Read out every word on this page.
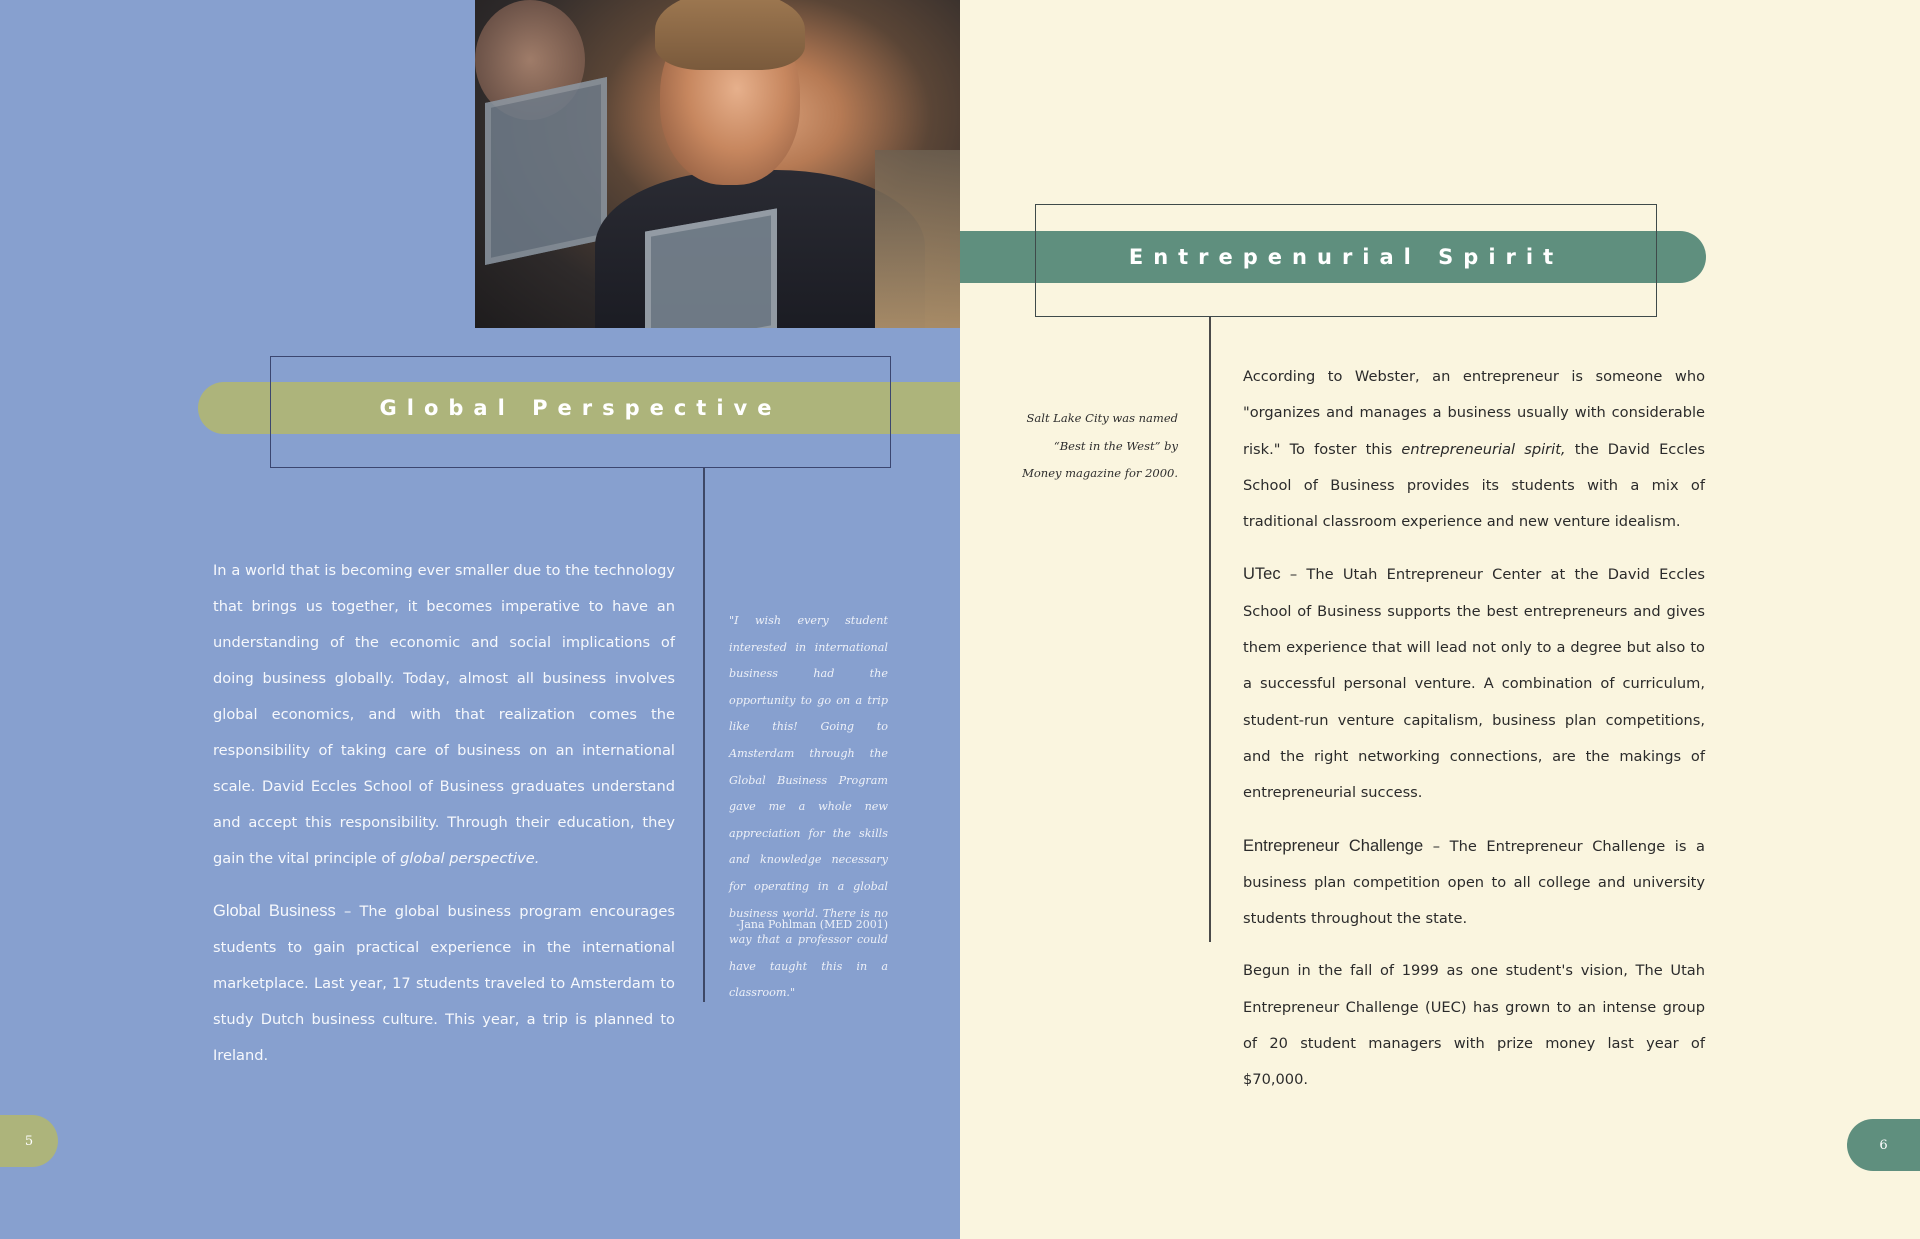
Global Perspective
Entrepenurial Spirit

In a world that is becoming ever smaller due to the technology that brings us together, it becomes imperative to have an understanding of the economic and social implications of doing business globally. Today, almost all business involves global economics, and with that realization comes the responsibility of taking care of business on an international scale. David Eccles School of Business graduates understand and accept this responsibility. Through their education, they gain the vital principle of global perspective.

Global Business – The global business program encourages students to gain practical experience in the international marketplace. Last year, 17 students traveled to Amsterdam to study Dutch business culture. This year, a trip is planned to Ireland.

"I wish every student interested in international business had the opportunity to go on a trip like this! Going to Amsterdam through the Global Business Program gave me a whole new appreciation for the skills and knowledge necessary for operating in a global business world. There is no way that a professor could have taught this in a classroom."
-Jana Pohlman (MED 2001)
Salt Lake City was named “Best in the West” by Money magazine for 2000.

According to Webster, an entrepreneur is someone who "organizes and manages a business usually with considerable risk." To foster this entrepreneurial spirit, the David Eccles School of Business provides its students with a mix of traditional classroom experience and new venture idealism.

UTec – The Utah Entrepreneur Center at the David Eccles School of Business supports the best entrepreneurs and gives them experience that will lead not only to a degree but also to a successful personal venture. A combination of curriculum, student-run venture capitalism, business plan competitions, and the right networking connections, are the makings of entrepreneurial success.

Entrepreneur Challenge – The Entrepreneur Challenge is a business plan competition open to all college and university students throughout the state.

Begun in the fall of 1999 as one student's vision, The Utah Entrepreneur Challenge (UEC) has grown to an intense group of 20 student managers with prize money last year of $70,000.

5	6
